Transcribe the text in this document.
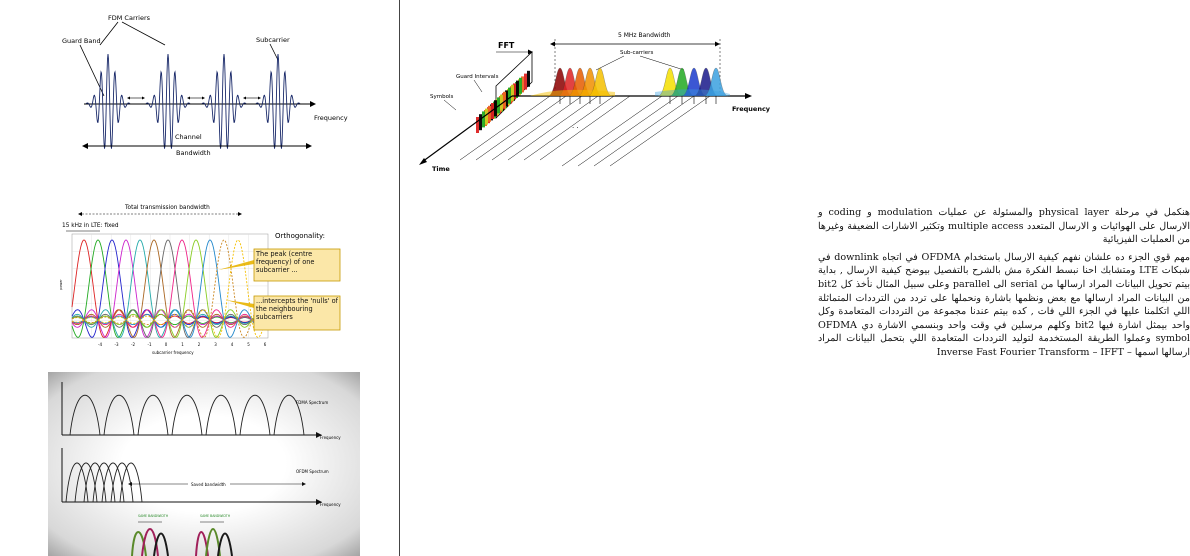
FDM Carriers
Guard Band	Subcarrier
Frequency
Channel
Bandwidth
Total transmission bandwidth
15 kHz in LTE: fixed
power
-4	-3	-2	-1	0	1	2	3	4	5	6
subcarrier frequency
Orthogonality:
The peak (centre frequency) of one subcarrier ...
...intercepts the 'nulls' of the neighbouring subcarriers
FDMA Spectrum
Frequency
OFDM Spectrum
Frequency
Saved bandwidth
SAME BANDWIDTH	SAME BANDWIDTH
5 MHz Bandwidth
FFT
Sub-carriers
Guard Intervals
Symbols
Frequency
Time
· ·

هنكمل في مرحلة physical layer والمسئولة عن عمليات modulation و coding و الارسال على الهوائيات و الارسال المتعدد multiple access وتكثير الاشارات الضعيفة وغيرها من العمليات الفيزيائية

مهم قوي الجزء ده علشان نفهم كيفية الارسال باستخدام OFDMA في اتجاه downlink في شبكات LTE ومتشابك احنا نبسط الفكرة مش بالشرح بالتفصيل بيوضح كيفية الارسال , بداية بيتم تحويل البيانات المراد ارسالها من serial الى parallel وعلى سبيل المثال نأخذ كل bit2 من البيانات المراد ارسالها مع بعض ونظمها باشارة ونحملها على تردد من الترددات المتماثلة اللي اتكلمنا عليها في الجزء اللي فات , كده بيتم عندنا مجموعة من الترددات المتعامدة وكل واحد بيمثل اشارة فيها bit2 وكلهم مرسلين في وقت واحد وبنسمي الاشارة دي OFDMA symbol وعملوا الطريقة المستخدمة لتوليد الترددات المتعامدة اللي بتحمل البيانات المراد ارسالها اسمها – Inverse Fast Fourier Transform – IFFT
